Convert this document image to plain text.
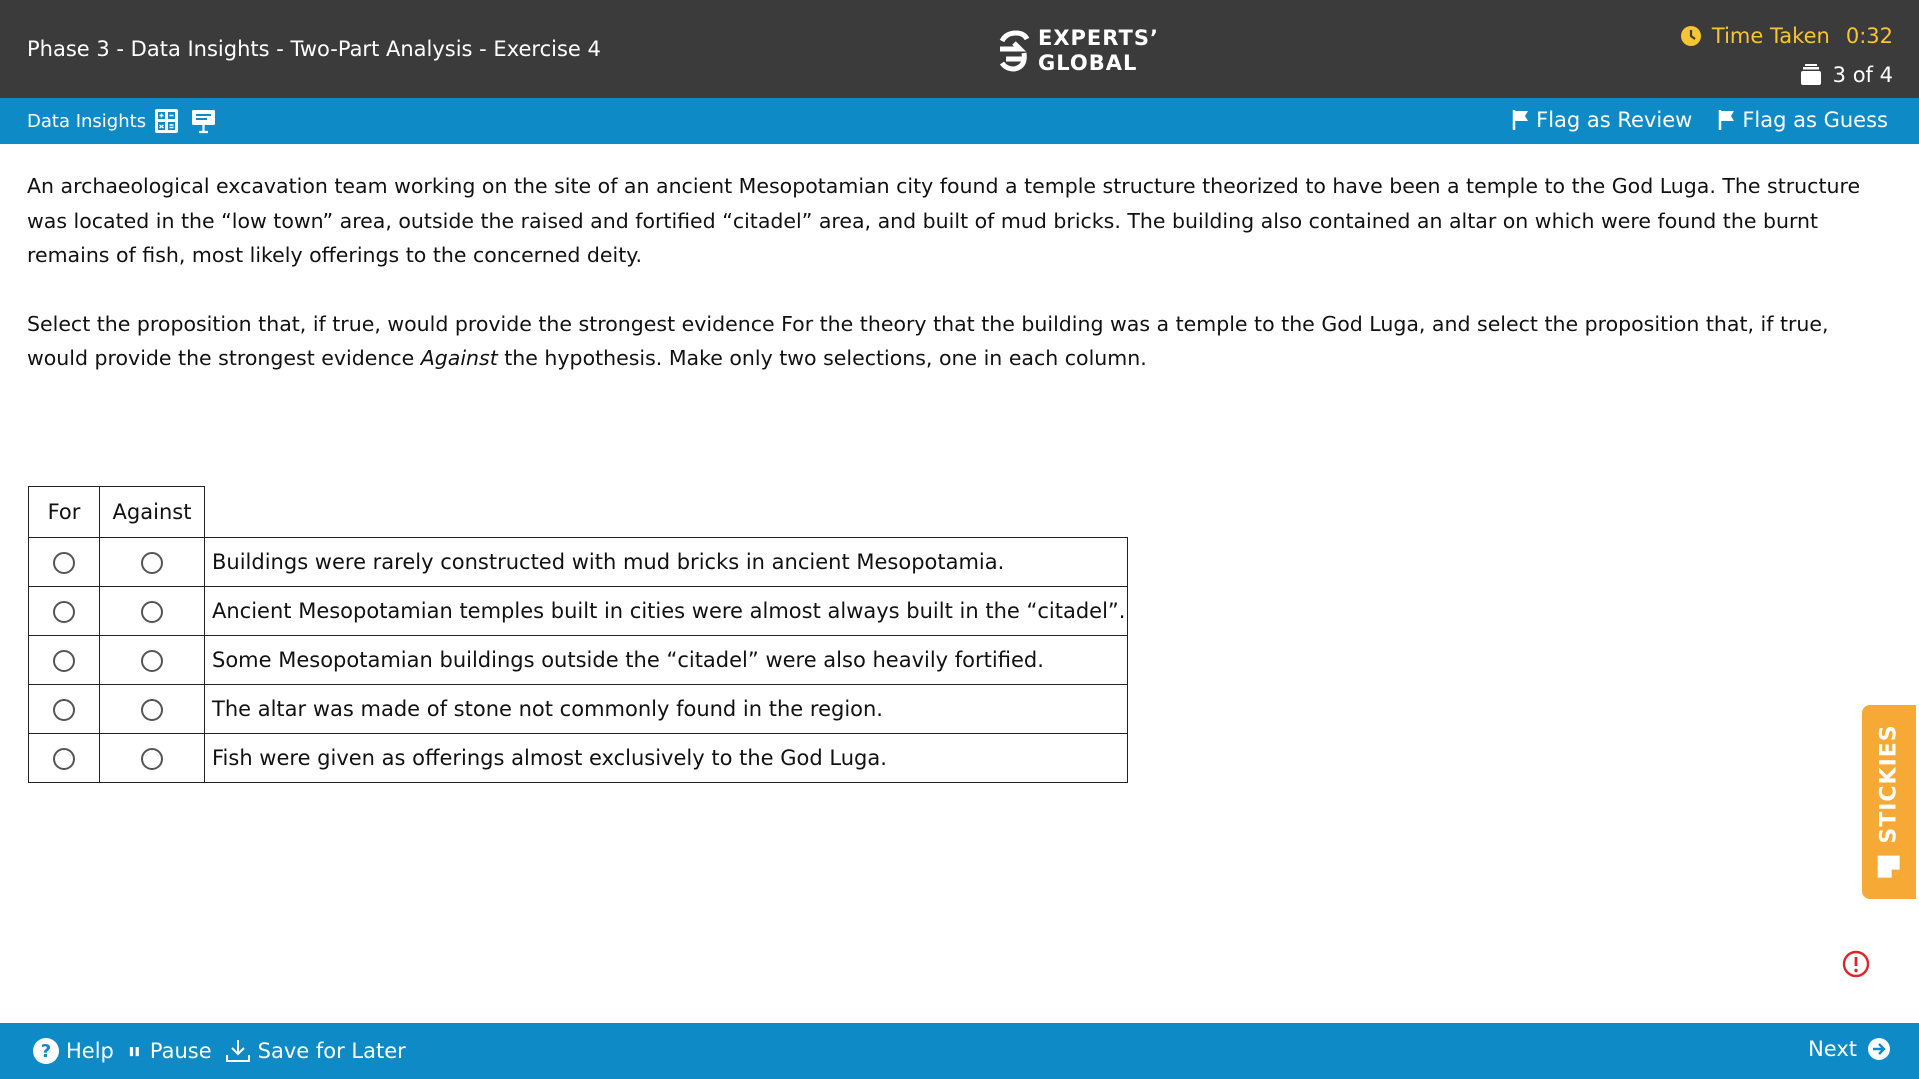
Phase 3 - Data Insights - Two-Part Analysis - Exercise 4	EXPERTS’
GLOBAL
Time Taken 0:32
3 of 4
Data Insights	Flag as Review Flag as Guess

An archaeological excavation team working on the site of an ancient Mesopotamian city found a temple structure theorized to have been a temple to the God Luga. The structure was located in the “low town” area, outside the raised and fortified “citadel” area, and built of mud bricks. The building also contained an altar on which were found the burnt remains of fish, most likely offerings to the concerned deity.

Select the proposition that, if true, would provide the strongest evidence For the theory that the building was a temple to the God Luga, and select the proposition that, if true, would provide the strongest evidence Against the hypothesis. Make only two selections, one in each column.

For	Against	
		Buildings were rarely constructed with mud bricks in ancient Mesopotamia.
		Ancient Mesopotamian temples built in cities were almost always built in the “citadel”.
		Some Mesopotamian buildings outside the “citadel” were also heavily fortified.
		The altar was made of stone not commonly found in the region.
		Fish were given as offerings almost exclusively to the God Luga.	STICKIES
? Help Pause Save for Later	Next
